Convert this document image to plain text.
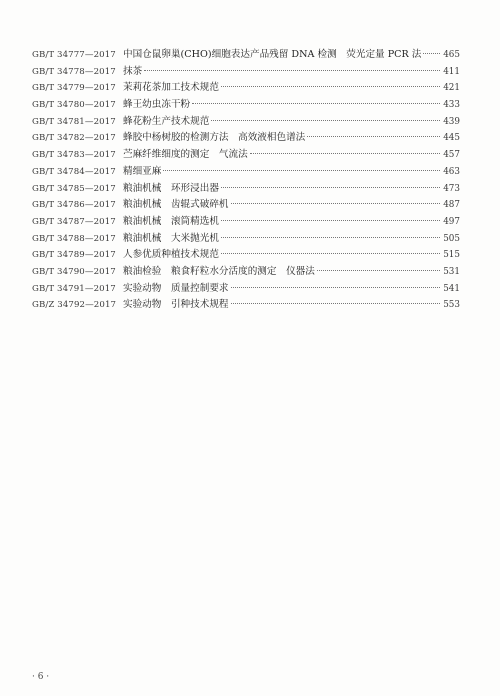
GB/T 34777—2017 中国仓鼠卵巢(CHO)细胞表达产品残留 DNA 检测　荧光定量 PCR 法 465
GB/T 34778—2017 抹茶	411
GB/T 34779—2017 茉莉花茶加工技术规范	421
GB/T 34780—2017 蜂王幼虫冻干粉	433
GB/T 34781—2017 蜂花粉生产技术规范	439
GB/T 34782—2017 蜂胶中杨树胶的检测方法　高效液相色谱法	445
GB/T 34783—2017 苎麻纤维细度的测定　气流法	457
GB/T 34784—2017 精细亚麻	463
GB/T 34785—2017 粮油机械　环形浸出器	473
GB/T 34786—2017 粮油机械　齿辊式破碎机	487
GB/T 34787—2017 粮油机械　滚筒精选机	497
GB/T 34788—2017 粮油机械　大米抛光机	505
GB/T 34789—2017 人参优质种植技术规范	515
GB/T 34790—2017 粮油检验　粮食籽粒水分活度的测定　仪器法	531
GB/T 34791—2017 实验动物　质量控制要求	541
GB/Z 34792—2017 实验动物　引种技术规程	553
· 6 ·
